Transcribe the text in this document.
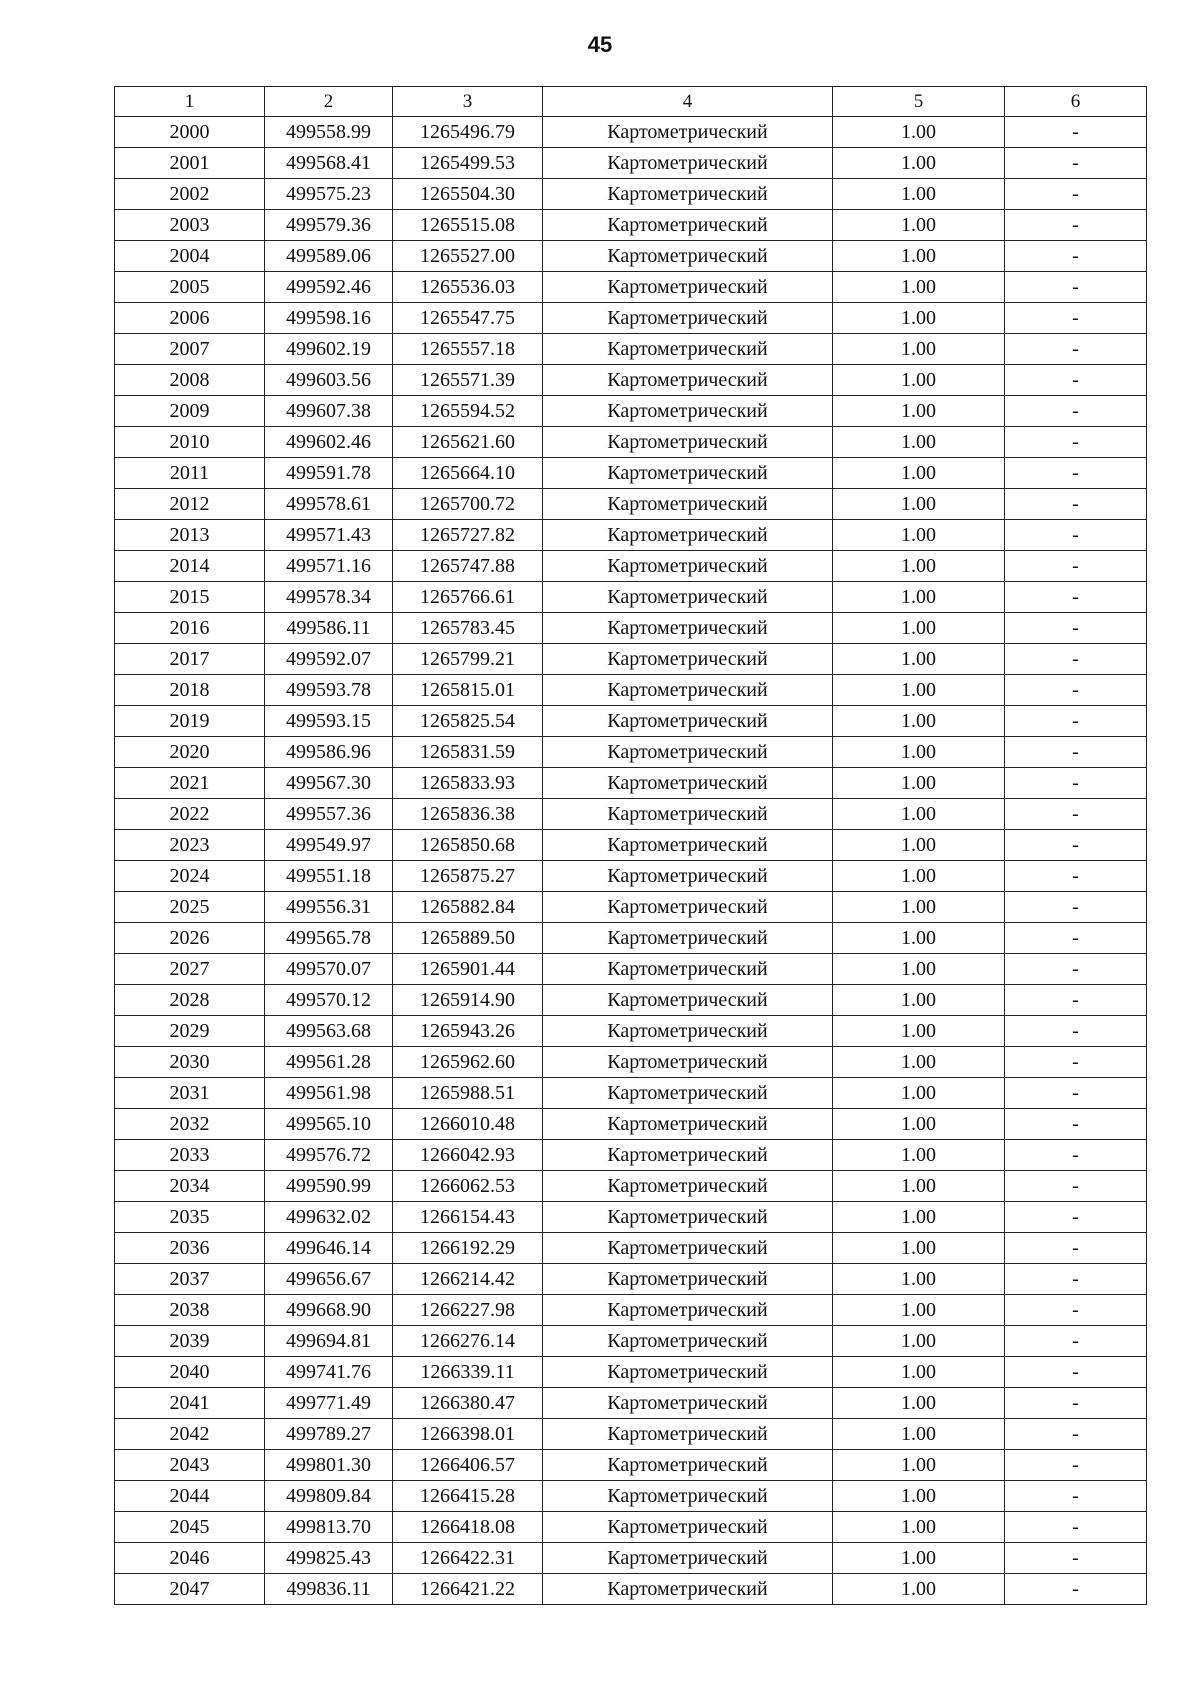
45
1	2	3	4	5	6
2000	499558.99	1265496.79	Картометрический	1.00	-
2001	499568.41	1265499.53	Картометрический	1.00	-
2002	499575.23	1265504.30	Картометрический	1.00	-
2003	499579.36	1265515.08	Картометрический	1.00	-
2004	499589.06	1265527.00	Картометрический	1.00	-
2005	499592.46	1265536.03	Картометрический	1.00	-
2006	499598.16	1265547.75	Картометрический	1.00	-
2007	499602.19	1265557.18	Картометрический	1.00	-
2008	499603.56	1265571.39	Картометрический	1.00	-
2009	499607.38	1265594.52	Картометрический	1.00	-
2010	499602.46	1265621.60	Картометрический	1.00	-
2011	499591.78	1265664.10	Картометрический	1.00	-
2012	499578.61	1265700.72	Картометрический	1.00	-
2013	499571.43	1265727.82	Картометрический	1.00	-
2014	499571.16	1265747.88	Картометрический	1.00	-
2015	499578.34	1265766.61	Картометрический	1.00	-
2016	499586.11	1265783.45	Картометрический	1.00	-
2017	499592.07	1265799.21	Картометрический	1.00	-
2018	499593.78	1265815.01	Картометрический	1.00	-
2019	499593.15	1265825.54	Картометрический	1.00	-
2020	499586.96	1265831.59	Картометрический	1.00	-
2021	499567.30	1265833.93	Картометрический	1.00	-
2022	499557.36	1265836.38	Картометрический	1.00	-
2023	499549.97	1265850.68	Картометрический	1.00	-
2024	499551.18	1265875.27	Картометрический	1.00	-
2025	499556.31	1265882.84	Картометрический	1.00	-
2026	499565.78	1265889.50	Картометрический	1.00	-
2027	499570.07	1265901.44	Картометрический	1.00	-
2028	499570.12	1265914.90	Картометрический	1.00	-
2029	499563.68	1265943.26	Картометрический	1.00	-
2030	499561.28	1265962.60	Картометрический	1.00	-
2031	499561.98	1265988.51	Картометрический	1.00	-
2032	499565.10	1266010.48	Картометрический	1.00	-
2033	499576.72	1266042.93	Картометрический	1.00	-
2034	499590.99	1266062.53	Картометрический	1.00	-
2035	499632.02	1266154.43	Картометрический	1.00	-
2036	499646.14	1266192.29	Картометрический	1.00	-
2037	499656.67	1266214.42	Картометрический	1.00	-
2038	499668.90	1266227.98	Картометрический	1.00	-
2039	499694.81	1266276.14	Картометрический	1.00	-
2040	499741.76	1266339.11	Картометрический	1.00	-
2041	499771.49	1266380.47	Картометрический	1.00	-
2042	499789.27	1266398.01	Картометрический	1.00	-
2043	499801.30	1266406.57	Картометрический	1.00	-
2044	499809.84	1266415.28	Картометрический	1.00	-
2045	499813.70	1266418.08	Картометрический	1.00	-
2046	499825.43	1266422.31	Картометрический	1.00	-
2047	499836.11	1266421.22	Картометрический	1.00	-
